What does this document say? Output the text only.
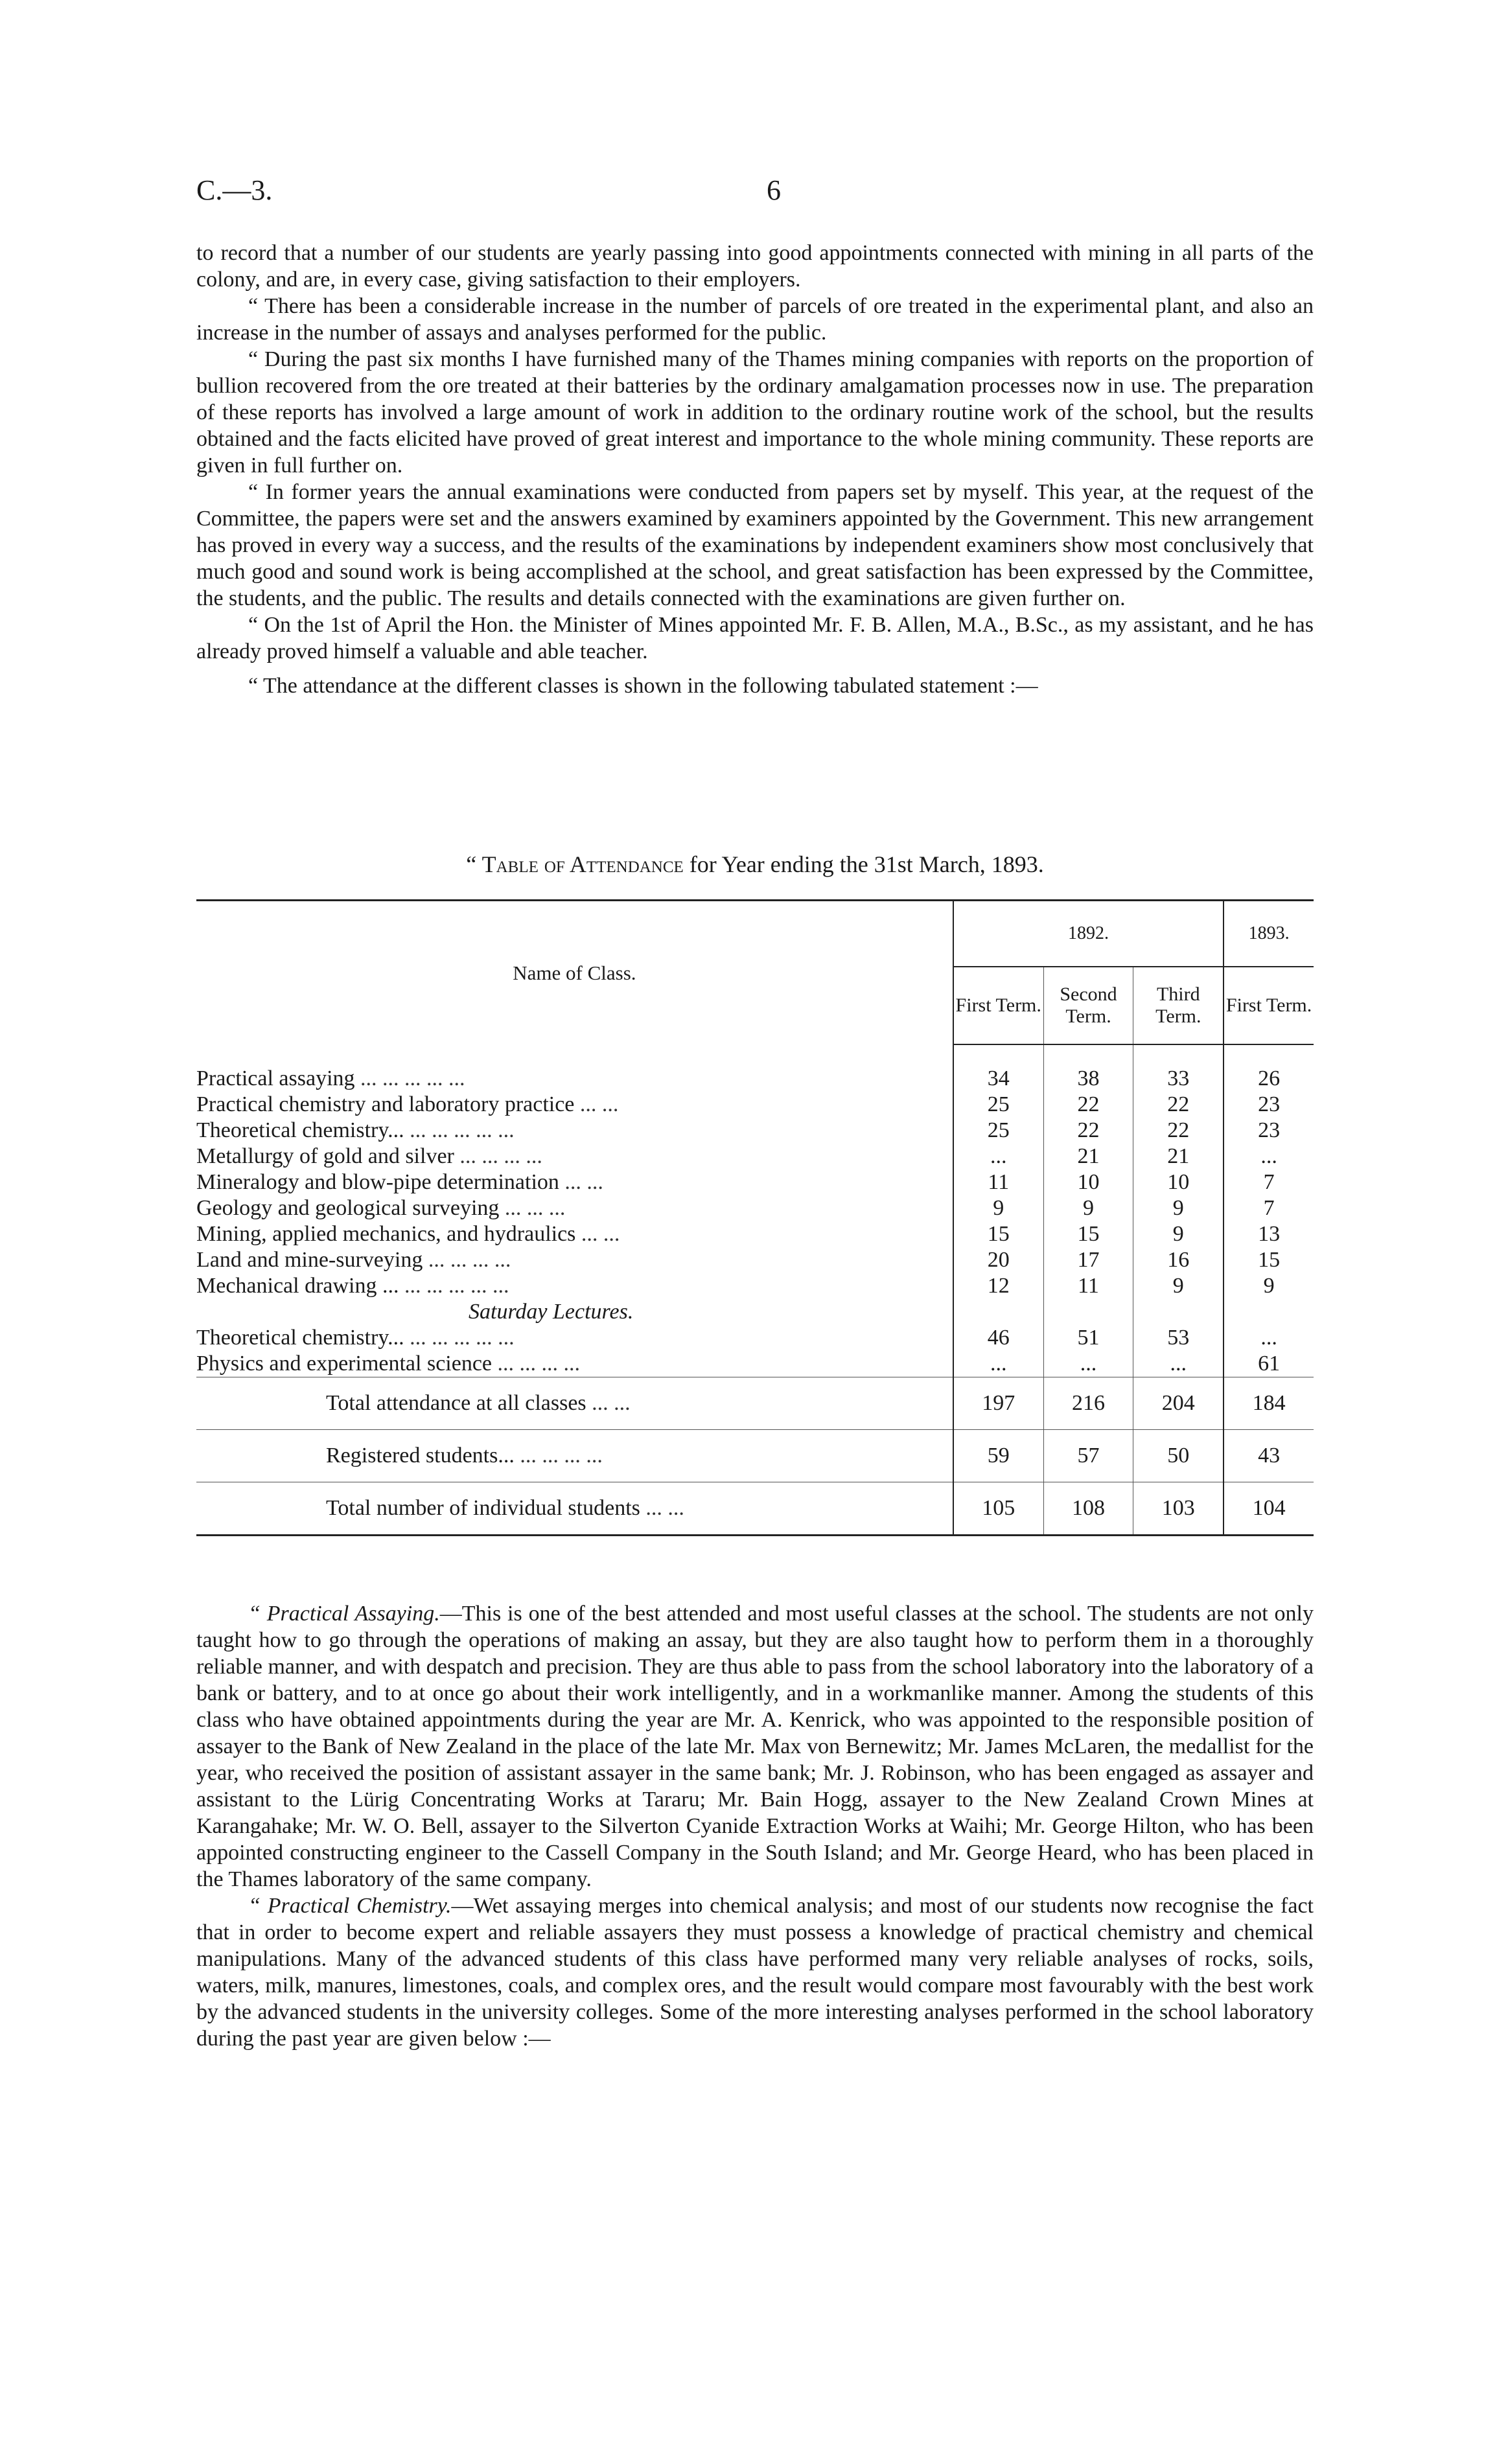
C.—3.	6

to record that a number of our students are yearly passing into good appointments connected with mining in all parts of the colony, and are, in every case, giving satisfaction to their employers.

“ There has been a considerable increase in the number of parcels of ore treated in the experimental plant, and also an increase in the number of assays and analyses performed for the public.

“ During the past six months I have furnished many of the Thames mining companies with reports on the proportion of bullion recovered from the ore treated at their batteries by the ordinary amalgamation processes now in use. The preparation of these reports has involved a large amount of work in addition to the ordinary routine work of the school, but the results obtained and the facts elicited have proved of great interest and importance to the whole mining community. These reports are given in full further on.

“ In former years the annual examinations were conducted from papers set by myself. This year, at the request of the Committee, the papers were set and the answers examined by examiners appointed by the Government. This new arrangement has proved in every way a success, and the results of the examinations by independent examiners show most conclusively that much good and sound work is being accomplished at the school, and great satisfaction has been expressed by the Committee, the students, and the public. The results and details connected with the examinations are given further on.

“ On the 1st of April the Hon. the Minister of Mines appointed Mr. F. B. Allen, M.A., B.Sc., as my assistant, and he has already proved himself a valuable and able teacher.

“ The attendance at the different classes is shown in the following tabulated statement :—

“ Table of Attendance for Year ending the 31st March, 1893.
Name of Class.	1892.			1893.
	First Term.	Second Term.	Third Term.	First Term.

Practical assaying ... ... ... ... ...	34	38	33	26
Practical chemistry and laboratory practice ... ...	25	22	22	23
Theoretical chemistry... ... ... ... ... ...	25	22	22	23
Metallurgy of gold and silver ... ... ... ...	...	21	21	...
Mineralogy and blow-pipe determination ... ...	11	10	10	7
Geology and geological surveying ... ... ...	9	9	9	7
Mining, applied mechanics, and hydraulics ... ...	15	15	9	13
Land and mine-surveying ... ... ... ...	20	17	16	15
Mechanical drawing ... ... ... ... ... ...	12	11	9	9
Saturday Lectures.				
Theoretical chemistry... ... ... ... ... ...	46	51	53	...
Physics and experimental science ... ... ... ...	...	...	...	61
Total attendance at all classes ... ...	197	216	204	184
Registered students... ... ... ... ...	59	57	50	43
Total number of individual students ... ...	105	108	103	104

“ Practical Assaying.—This is one of the best attended and most useful classes at the school. The students are not only taught how to go through the operations of making an assay, but they are also taught how to perform them in a thoroughly reliable manner, and with despatch and precision. They are thus able to pass from the school laboratory into the laboratory of a bank or battery, and to at once go about their work intelligently, and in a workmanlike manner. Among the students of this class who have obtained appointments during the year are Mr. A. Kenrick, who was appointed to the responsible position of assayer to the Bank of New Zealand in the place of the late Mr. Max von Bernewitz; Mr. James McLaren, the medallist for the year, who received the position of assistant assayer in the same bank; Mr. J. Robinson, who has been engaged as assayer and assistant to the Lürig Concentrating Works at Tararu; Mr. Bain Hogg, assayer to the New Zealand Crown Mines at Karangahake; Mr. W. O. Bell, assayer to the Silverton Cyanide Extraction Works at Waihi; Mr. George Hilton, who has been appointed constructing engineer to the Cassell Company in the South Island; and Mr. George Heard, who has been placed in the Thames laboratory of the same company.

“ Practical Chemistry.—Wet assaying merges into chemical analysis; and most of our students now recognise the fact that in order to become expert and reliable assayers they must possess a knowledge of practical chemistry and chemical manipulations. Many of the advanced students of this class have performed many very reliable analyses of rocks, soils, waters, milk, manures, limestones, coals, and complex ores, and the result would compare most favourably with the best work by the advanced students in the university colleges. Some of the more interesting analyses performed in the school laboratory during the past year are given below :—
